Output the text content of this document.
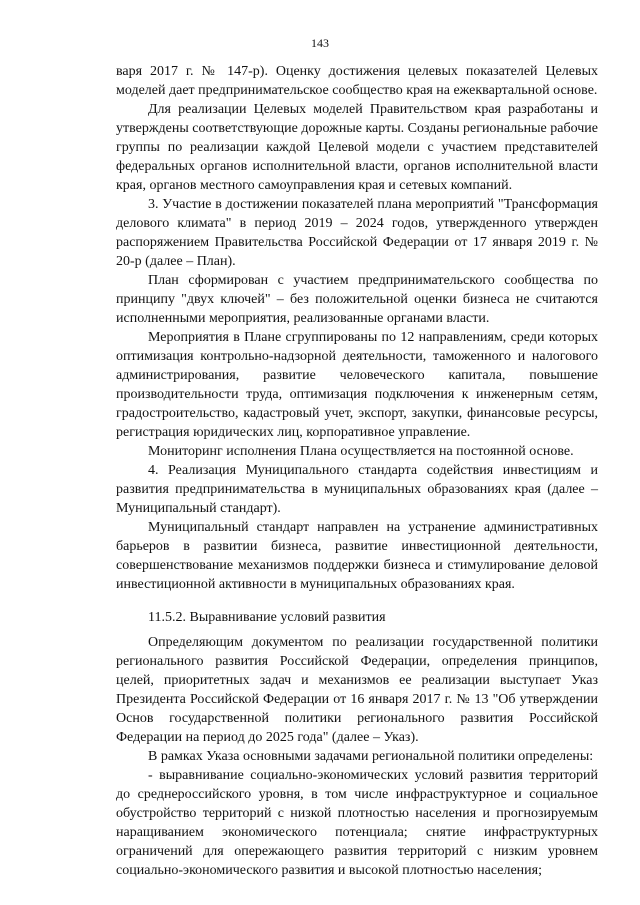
143

варя 2017 г. № 147-р). Оценку достижения целевых показателей Целевых моделей дает предпринимательское сообщество края на ежеквартальной основе.

Для реализации Целевых моделей Правительством края разработаны и утверждены соответствующие дорожные карты. Созданы региональные рабочие группы по реализации каждой Целевой модели с участием представителей федеральных органов исполнительной власти, органов исполнительной власти края, органов местного самоуправления края и сетевых компаний.

3. Участие в достижении показателей плана мероприятий "Трансформация делового климата" в период 2019 – 2024 годов, утвержденного утвержден распоряжением Правительства Российской Федерации от 17 января 2019 г. № 20-р (далее – План).

План сформирован с участием предпринимательского сообщества по принципу "двух ключей" – без положительной оценки бизнеса не считаются исполненными мероприятия, реализованные органами власти.

Мероприятия в Плане сгруппированы по 12 направлениям, среди которых оптимизация контрольно-надзорной деятельности, таможенного и налогового администрирования, развитие человеческого капитала, повышение производительности труда, оптимизация подключения к инженерным сетям, градостроительство, кадастровый учет, экспорт, закупки, финансовые ресурсы, регистрация юридических лиц, корпоративное управление.

Мониторинг исполнения Плана осуществляется на постоянной основе.

4. Реализация Муниципального стандарта содействия инвестициям и развития предпринимательства в муниципальных образованиях края (далее – Муниципальный стандарт).

Муниципальный стандарт направлен на устранение административных барьеров в развитии бизнеса, развитие инвестиционной деятельности, совершенствование механизмов поддержки бизнеса и стимулирование деловой инвестиционной активности в муниципальных образованиях края.

11.5.2. Выравнивание условий развития

Определяющим документом по реализации государственной политики регионального развития Российской Федерации, определения принципов, целей, приоритетных задач и механизмов ее реализации выступает Указ Президента Российской Федерации от 16 января 2017 г. № 13 "Об утверждении Основ государственной политики регионального развития Российской Федерации на период до 2025 года" (далее – Указ).

В рамках Указа основными задачами региональной политики определены:

- выравнивание социально-экономических условий развития территорий до среднероссийского уровня, в том числе инфраструктурное и социальное обустройство территорий с низкой плотностью населения и прогнозируемым наращиванием экономического потенциала; снятие инфраструктурных ограничений для опережающего развития территорий с низким уровнем социально-экономического развития и высокой плотностью населения;
